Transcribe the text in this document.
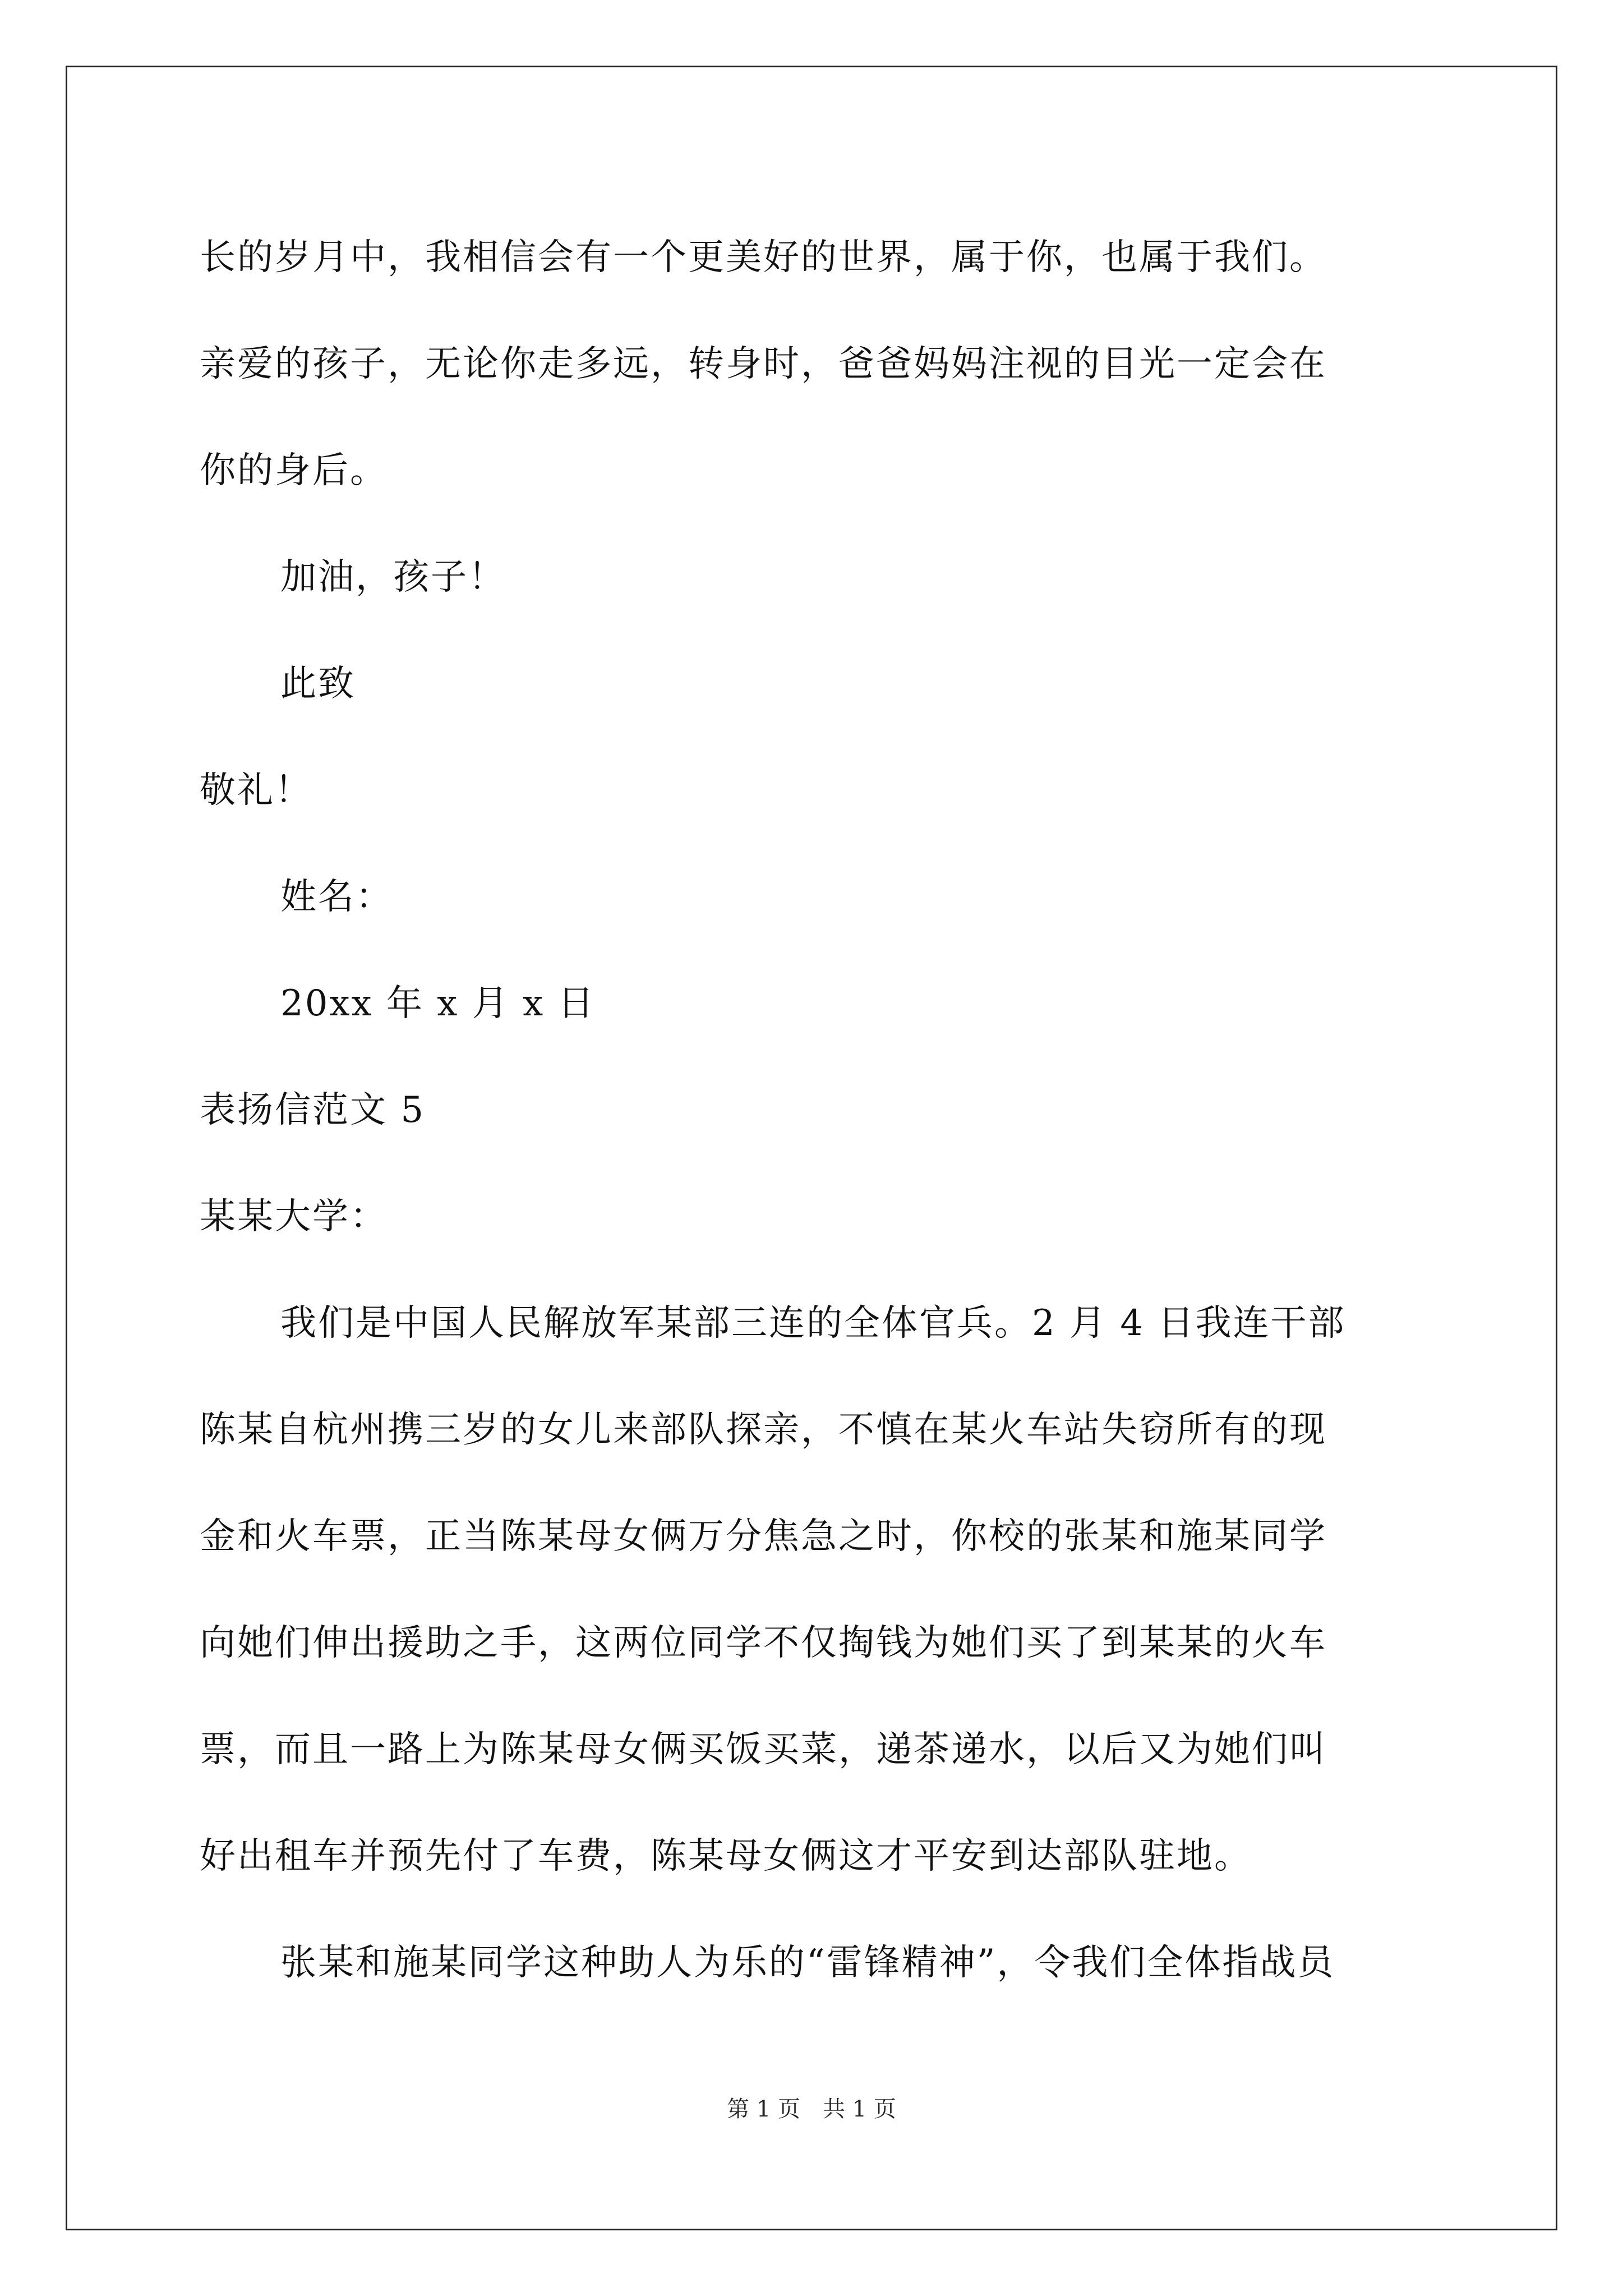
长的岁月中，我相信会有一个更美好的世界，属于你，也属于我们。
亲爱的孩子，无论你走多远，转身时，爸爸妈妈注视的目光一定会在
你的身后。
加油，孩子！
此致
敬礼！
姓名：
20xx 年 x 月 x 日
表扬信范文 5
某某大学：
我们是中国人民解放军某部三连的全体官兵。2 月 4 日我连干部
陈某自杭州携三岁的女儿来部队探亲，不慎在某火车站失窃所有的现
金和火车票，正当陈某母女俩万分焦急之时，你校的张某和施某同学
向她们伸出援助之手，这两位同学不仅掏钱为她们买了到某某的火车
票，而且一路上为陈某母女俩买饭买菜，递茶递水，以后又为她们叫
好出租车并预先付了车费，陈某母女俩这才平安到达部队驻地。
张某和施某同学这种助人为乐的“雷锋精神”，令我们全体指战员
第 1 页　共 1 页
